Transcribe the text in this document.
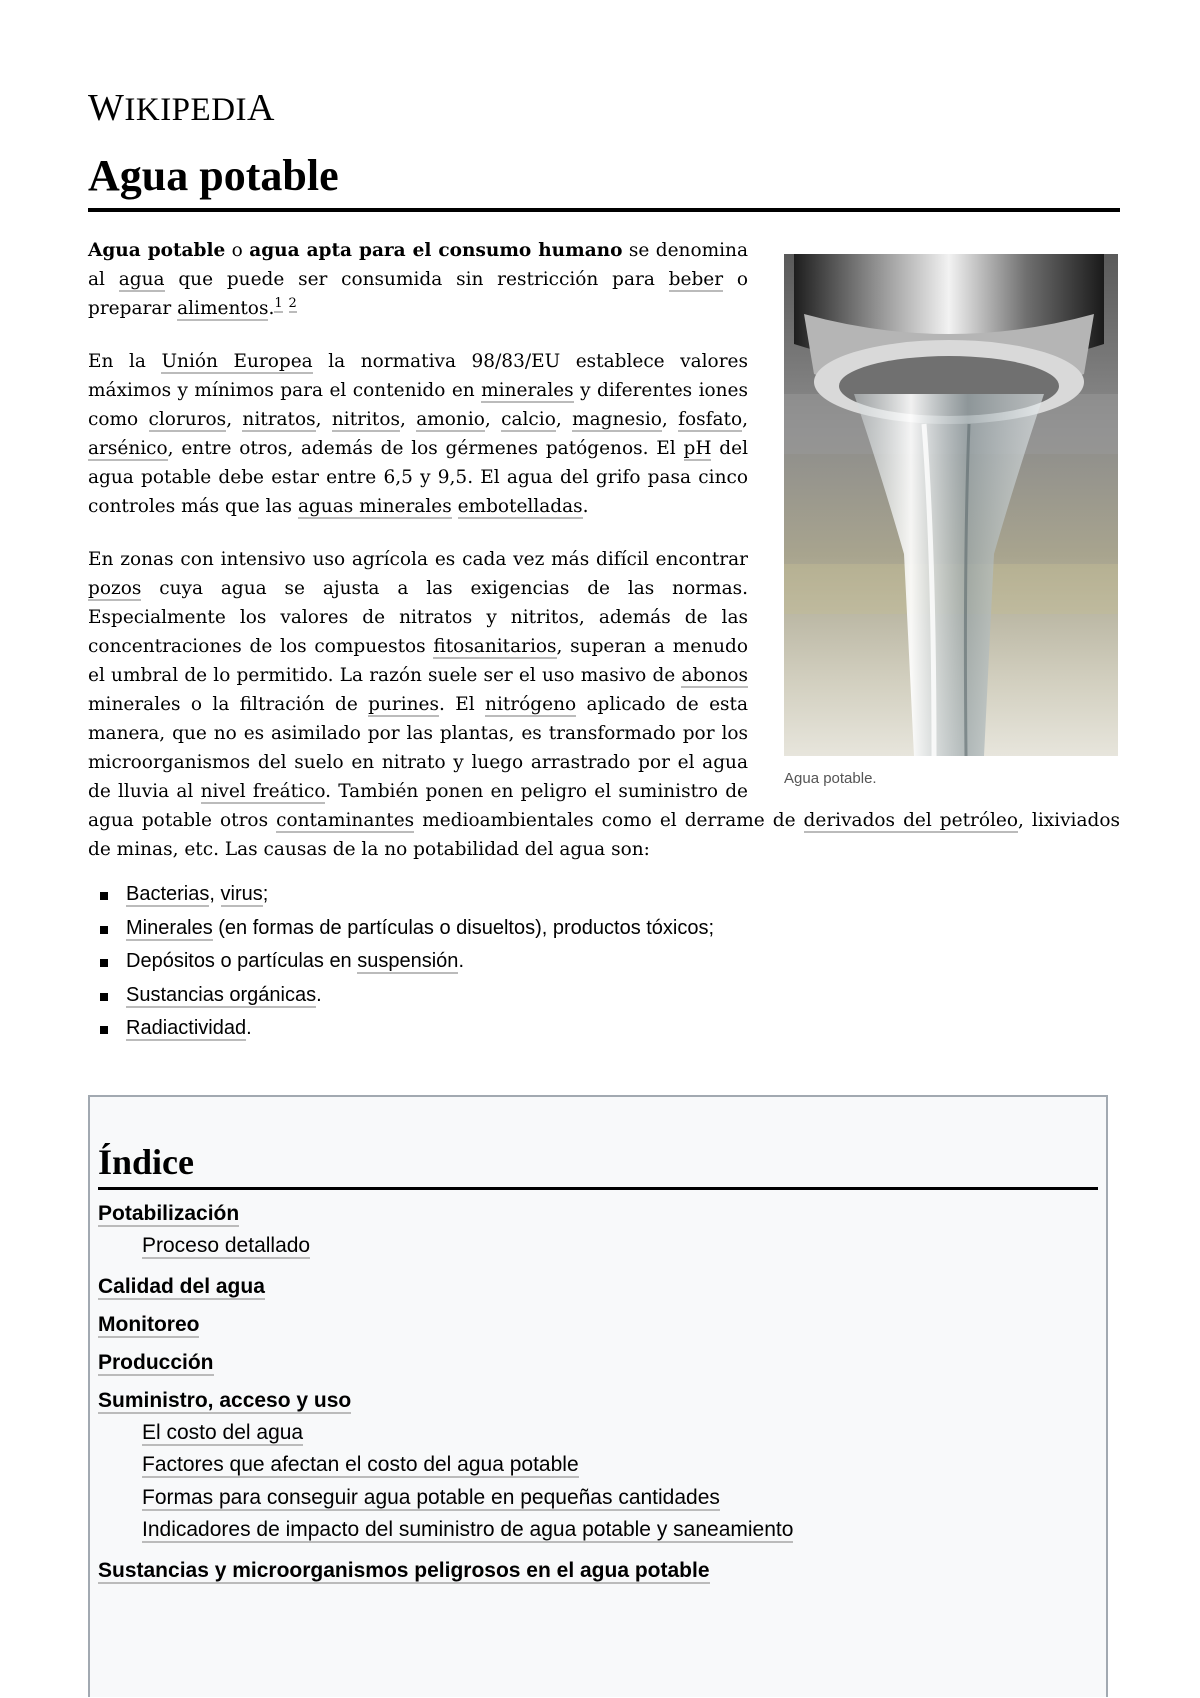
WIKIPEDIA
Agua potable
Agua potable.

Agua potable o agua apta para el consumo humano se denomina al agua que puede ser consumida sin restricción para beber o preparar alimentos.$^1$ $^2$

En la Unión Europea la normativa 98/83/EU establece valores máximos y mínimos para el contenido en minerales y diferentes iones como cloruros, nitratos, nitritos, amonio, calcio, magnesio, fosfato, arsénico, entre otros, además de los gérmenes patógenos. El pH del agua potable debe estar entre 6,5 y 9,5. El agua del grifo pasa cinco controles más que las aguas minerales embotelladas.

En zonas con intensivo uso agrícola es cada vez más difícil encontrar pozos cuya agua se ajusta a las exigencias de las normas. Especialmente los valores de nitratos y nitritos, además de las concentraciones de los compuestos fitosanitarios, superan a menudo el umbral de lo permitido. La razón suele ser el uso masivo de abonos minerales o la filtración de purines. El nitrógeno aplicado de esta manera, que no es asimilado por las plantas, es transformado por los microorganismos del suelo en nitrato y luego arrastrado por el agua de lluvia al nivel freático. También ponen en peligro el suministro de agua potable otros contaminantes medioambientales como el derrame de derivados del petróleo, lixiviados de minas, etc. Las causas de la no potabilidad del agua son:

Bacterias, virus;
Minerales (en formas de partículas o disueltos), productos tóxicos;
Depósitos o partículas en suspensión.
Sustancias orgánicas.
Radiactividad.
Índice
Potabilización
Proceso detallado
Calidad del agua
Monitoreo
Producción
Suministro, acceso y uso
El costo del agua
Factores que afectan el costo del agua potable
Formas para conseguir agua potable en pequeñas cantidades
Indicadores de impacto del suministro de agua potable y saneamiento
Sustancias y microorganismos peligrosos en el agua potable
